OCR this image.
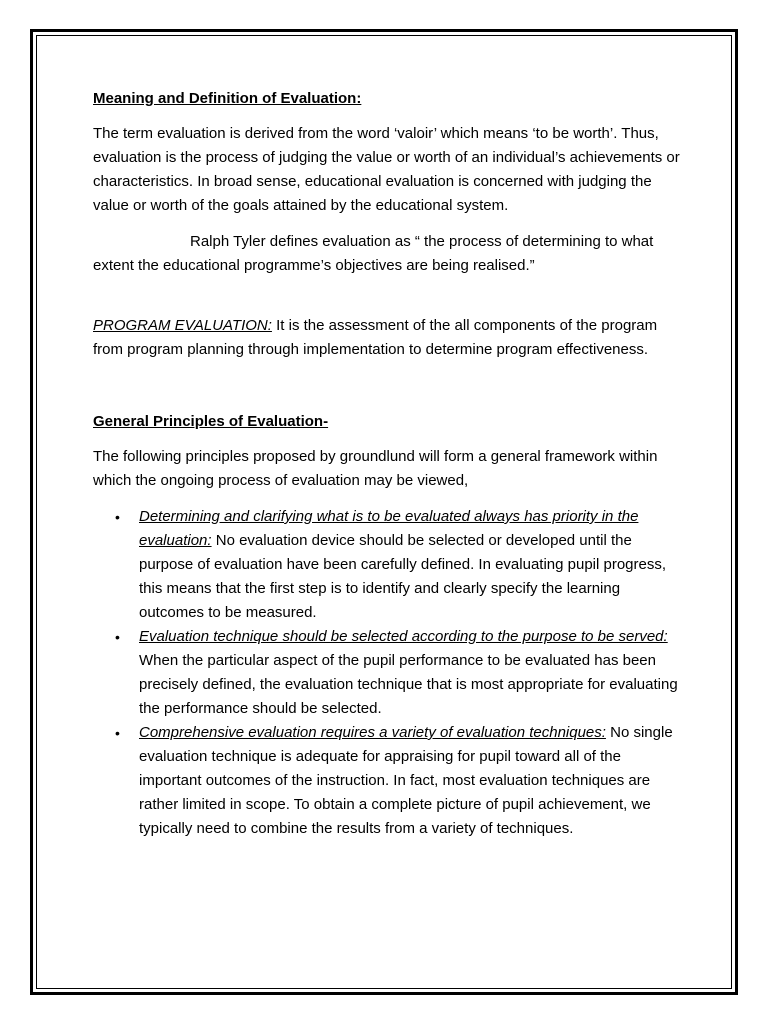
Meaning and Definition of Evaluation:

The term evaluation is derived from the word ‘valoir’ which means ‘to be worth’. Thus, evaluation is the process of judging the value or worth of an individual’s achievements or characteristics. In broad sense, educational evaluation is concerned with judging the value or worth of the goals attained by the educational system.

Ralph Tyler defines evaluation as “ the process of determining to what extent the educational programme’s objectives are being realised.”

PROGRAM EVALUATION: It is the assessment of the all components of the program from program planning through implementation to determine program effectiveness.

General Principles of Evaluation-

The following principles proposed by groundlund will form a general framework within which the ongoing process of evaluation may be viewed,

• Determining and clarifying what is to be evaluated always has priority in the evaluation: No evaluation device should be selected or developed until the purpose of evaluation have been carefully defined. In evaluating pupil progress, this means that the first step is to identify and clearly specify the learning outcomes to be measured.
• Evaluation technique should be selected according to the purpose to be served: When the particular aspect of the pupil performance to be evaluated has been precisely defined, the evaluation technique that is most appropriate for evaluating the performance should be selected.
• Comprehensive evaluation requires a variety of evaluation techniques: No single evaluation technique is adequate for appraising for pupil toward all of the important outcomes of the instruction. In fact, most evaluation techniques are rather limited in scope. To obtain a complete picture of pupil achievement, we typically need to combine the results from a variety of techniques.
